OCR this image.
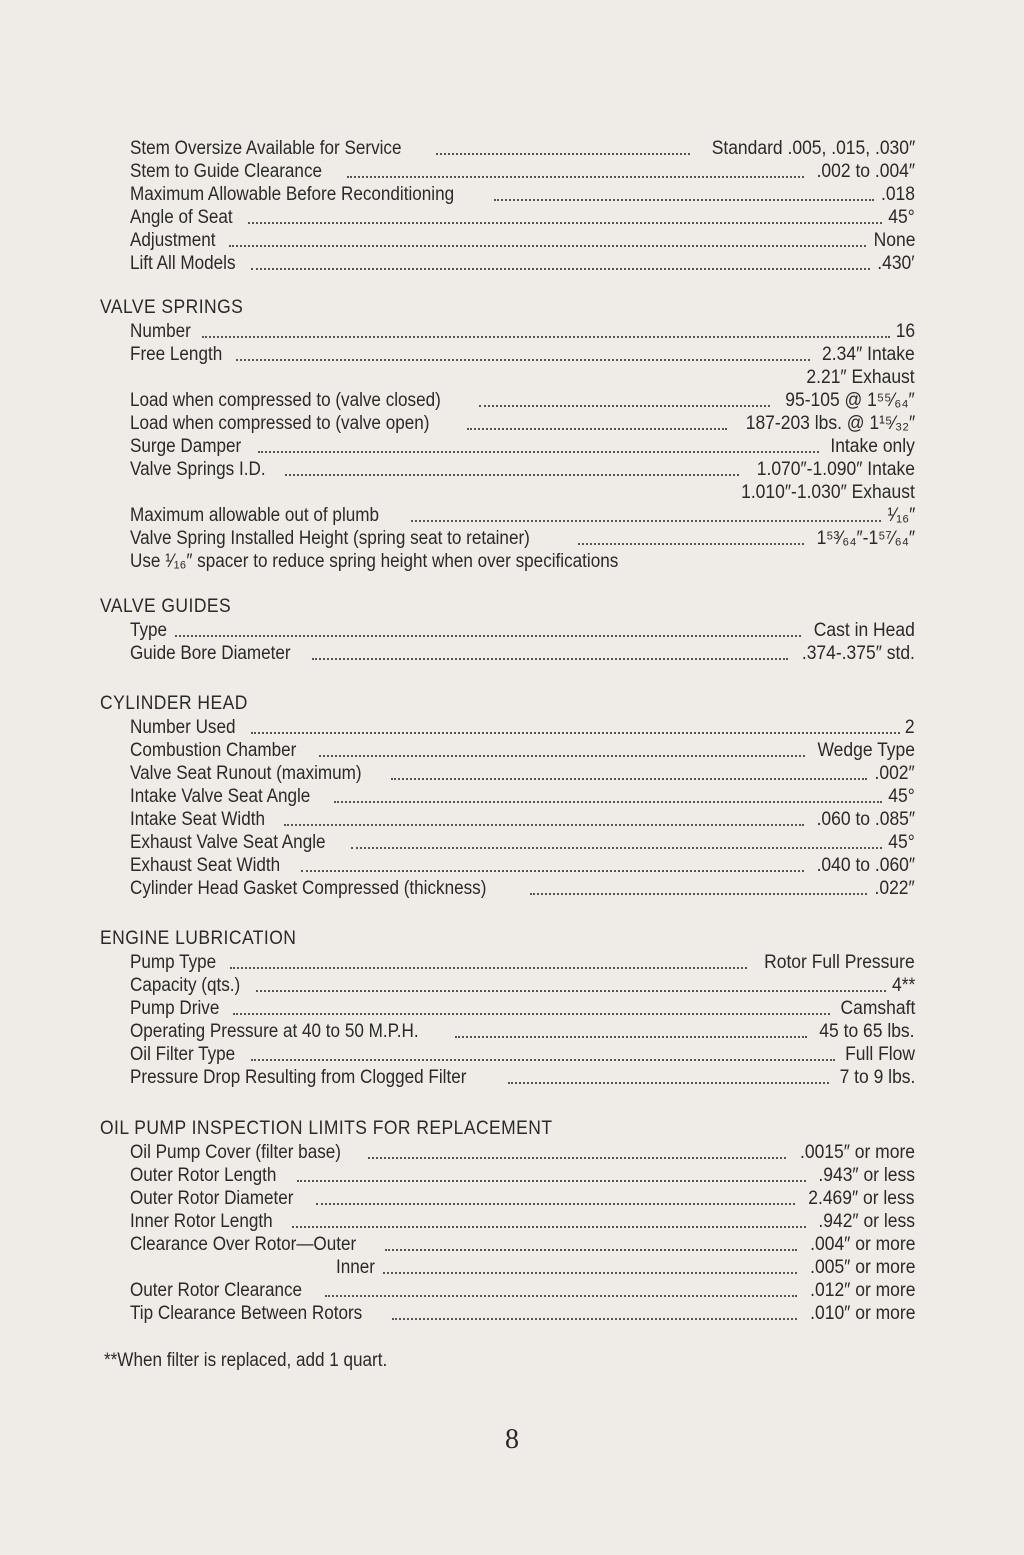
Stem Oversize Available for Service	Standard .005, .015, .030″
Stem to Guide Clearance	.002 to .004″
Maximum Allowable Before Reconditioning	.018
Angle of Seat	45°
Adjustment	None
Lift All Models	.430′
VALVE SPRINGS
Number	16
Free Length	2.34″ Intake
2.21″ Exhaust
Load when compressed to (valve closed)	95-105 @ 1⁵⁵⁄₆₄″
Load when compressed to (valve open)	187-203 lbs. @ 1¹⁵⁄₃₂″
Surge Damper	Intake only
Valve Springs I.D.	1.070″-1.090″ Intake
1.010″-1.030″ Exhaust
Maximum allowable out of plumb	¹⁄₁₆″
Valve Spring Installed Height (spring seat to retainer)	1⁵³⁄₆₄″-1⁵⁷⁄₆₄″
Use ¹⁄₁₆″ spacer to reduce spring height when over specifications
VALVE GUIDES
Type	Cast in Head
Guide Bore Diameter	.374-.375″ std.
CYLINDER HEAD
Number Used	2
Combustion Chamber	Wedge Type
Valve Seat Runout (maximum)	.002″
Intake Valve Seat Angle	45°
Intake Seat Width	.060 to .085″
Exhaust Valve Seat Angle	45°
Exhaust Seat Width	.040 to .060″
Cylinder Head Gasket Compressed (thickness)	.022″
ENGINE LUBRICATION
Pump Type	Rotor Full Pressure
Capacity (qts.)	4**
Pump Drive	Camshaft
Operating Pressure at 40 to 50 M.P.H.	45 to 65 lbs.
Oil Filter Type	Full Flow
Pressure Drop Resulting from Clogged Filter	7 to 9 lbs.
OIL PUMP INSPECTION LIMITS FOR REPLACEMENT
Oil Pump Cover (filter base)	.0015″ or more
Outer Rotor Length	.943″ or less
Outer Rotor Diameter	2.469″ or less
Inner Rotor Length	.942″ or less
Clearance Over Rotor—Outer	.004″ or more
Inner	.005″ or more
Outer Rotor Clearance	.012″ or more
Tip Clearance Between Rotors	.010″ or more
**When filter is replaced, add 1 quart.
8
